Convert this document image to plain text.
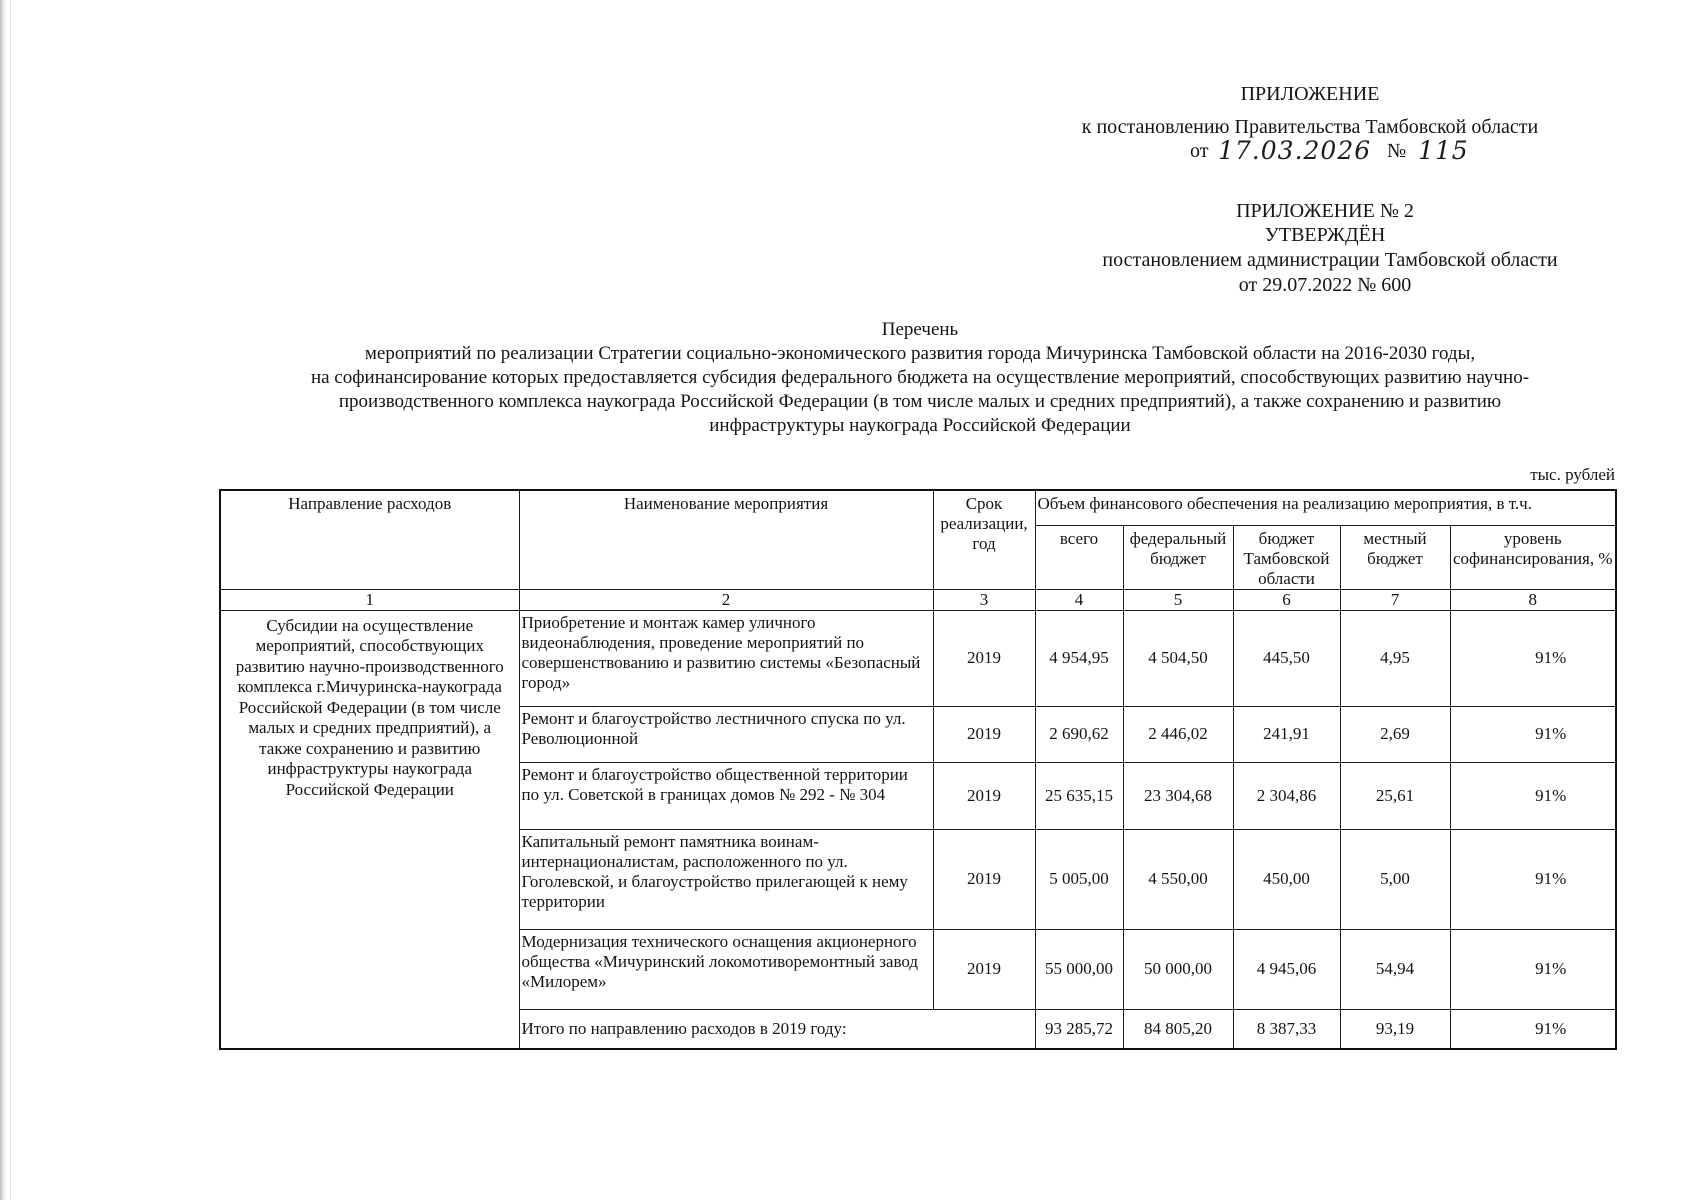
ПРИЛОЖЕНИЕ
к постановлению Правительства Тамбовской области
от 17.03.2026 № 115
ПРИЛОЖЕНИЕ № 2
УТВЕРЖДЁН
постановлением администрации Тамбовской области
от 29.07.2022 № 600
Перечень
мероприятий по реализации Стратегии социально-экономического развития города Мичуринска Тамбовской области на 2016-2030 годы,
на софинансирование которых предоставляется субсидия федерального бюджета на осуществление мероприятий, способствующих развитию научно-
производственного комплекса наукограда Российской Федерации (в том числе малых и средних предприятий), а также сохранению и развитию
инфраструктуры наукограда Российской Федерации
тыс. рублей
Направление расходов	Наименование мероприятия	Срок реализации, год	Объем финансового обеспечения на реализацию мероприятия, в т.ч.				
			всего	федеральный бюджет	бюджет Тамбовской области	местный бюджет	уровень софинансирования, %
1	2	3	4	5	6	7	8
Субсидии на осуществление мероприятий, способствующих развитию научно-производственного комплекса г.Мичуринска-наукограда Российской Федерации (в том числе малых и средних предприятий), а также сохранению и развитию инфраструктуры наукограда Российской Федерации	Приобретение и монтаж камер уличного видеонаблюдения, проведение мероприятий по совершенствованию и развитию системы «Безопасный город»	2019	4 954,95	4 504,50	445,50	4,95	91%
	Ремонт и благоустройство лестничного спуска по ул. Революционной	2019	2 690,62	2 446,02	241,91	2,69	91%
	Ремонт и благоустройство общественной территории по ул. Советской в границах домов № 292 - № 304	2019	25 635,15	23 304,68	2 304,86	25,61	91%
	Капитальный ремонт памятника воинам-интернационалистам, расположенного по ул. Гоголевской, и благоустройство прилегающей к нему территории	2019	5 005,00	4 550,00	450,00	5,00	91%
	Модернизация технического оснащения акционерного общества «Мичуринский локомотиворемонтный завод «Милорем»	2019	55 000,00	50 000,00	4 945,06	54,94	91%
	Итого по направлению расходов в 2019 году:		93 285,72	84 805,20	8 387,33	93,19	91%
